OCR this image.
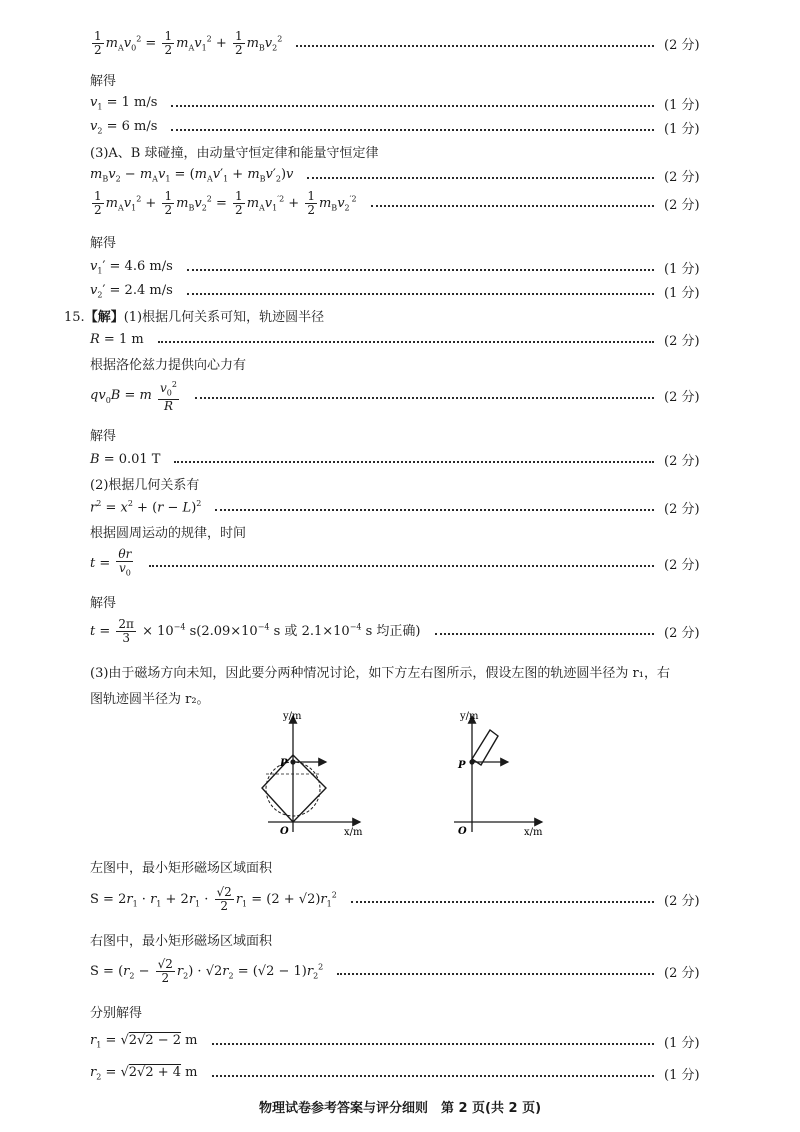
$\frac{1}{2} m_Av_0^2 = \frac{1}{2} m_Av_1^2 + \frac{1}{2} m_Bv_2^2$	(2 分)
解得
$v_1 = 1$ m/s	(1 分)
$v_2 = 6$ m/s	(1 分)
(3)A、B 球碰撞，由动量守恒定律和能量守恒定律
$m_Bv_2 - m_Av_1 = (m_Av'_1 + m_Bv'_2)v$	(2 分)
$\frac{1}{2} m_Av_1^2 + \frac{1}{2} m_Bv_2^2 = \frac{1}{2} m_Av_1^{'2} + \frac{1}{2} m_Bv_2^{'2}$	(2 分)
解得
$v_1' = 4.6$ m/s	(1 分)
$v_2' = 2.4$ m/s	(1 分)
15.【解】(1)根据几何关系可知，轨迹圆半径
R = 1 m	(2 分)
根据洛伦兹力提供向心力有
$qv_0B = m \frac{v_0^2}{R}$	(2 分)
解得
B = 0.01 T	(2 分)
(2)根据几何关系有
$r^2 = x^2 + (r - L)^2$	(2 分)
根据圆周运动的规律，时间
$t = \frac{\theta r}{v_0}$	(2 分)
解得
$t = \frac{2\pi}{3} \times 10^{-4}$ $s(2.09\times 10^{-4}$ s 或 $2.1\times 10^{-4}$ s 均正确)	(2 分)
(3)由于磁场方向未知，因此要分两种情况讨论，如下方左右图所示，假设左图的轨迹圆半径为 r₁，右
图轨迹圆半径为 r₂。
P
O
y/m
x/m
P
O
y/m
x/m
左图中，最小矩形磁场区域面积
$S = 2r_1 \cdot r_1 + 2r_1 \cdot \frac{√2}{2} r_1 = (2 + √2)r_1^2$	(2 分)
右图中，最小矩形磁场区域面积
$S = (r_2 - \frac{√2}{2} r_2) \cdot √2r_2 = (√2 - 1)r_2^2$	(2 分)
分别解得
$r_1 = √2√2 - 2$ m	(1 分)
$r_2 = √2√2 + 4$ m	(1 分)
物理试卷参考答案与评分细则　第 2 页(共 2 页)
